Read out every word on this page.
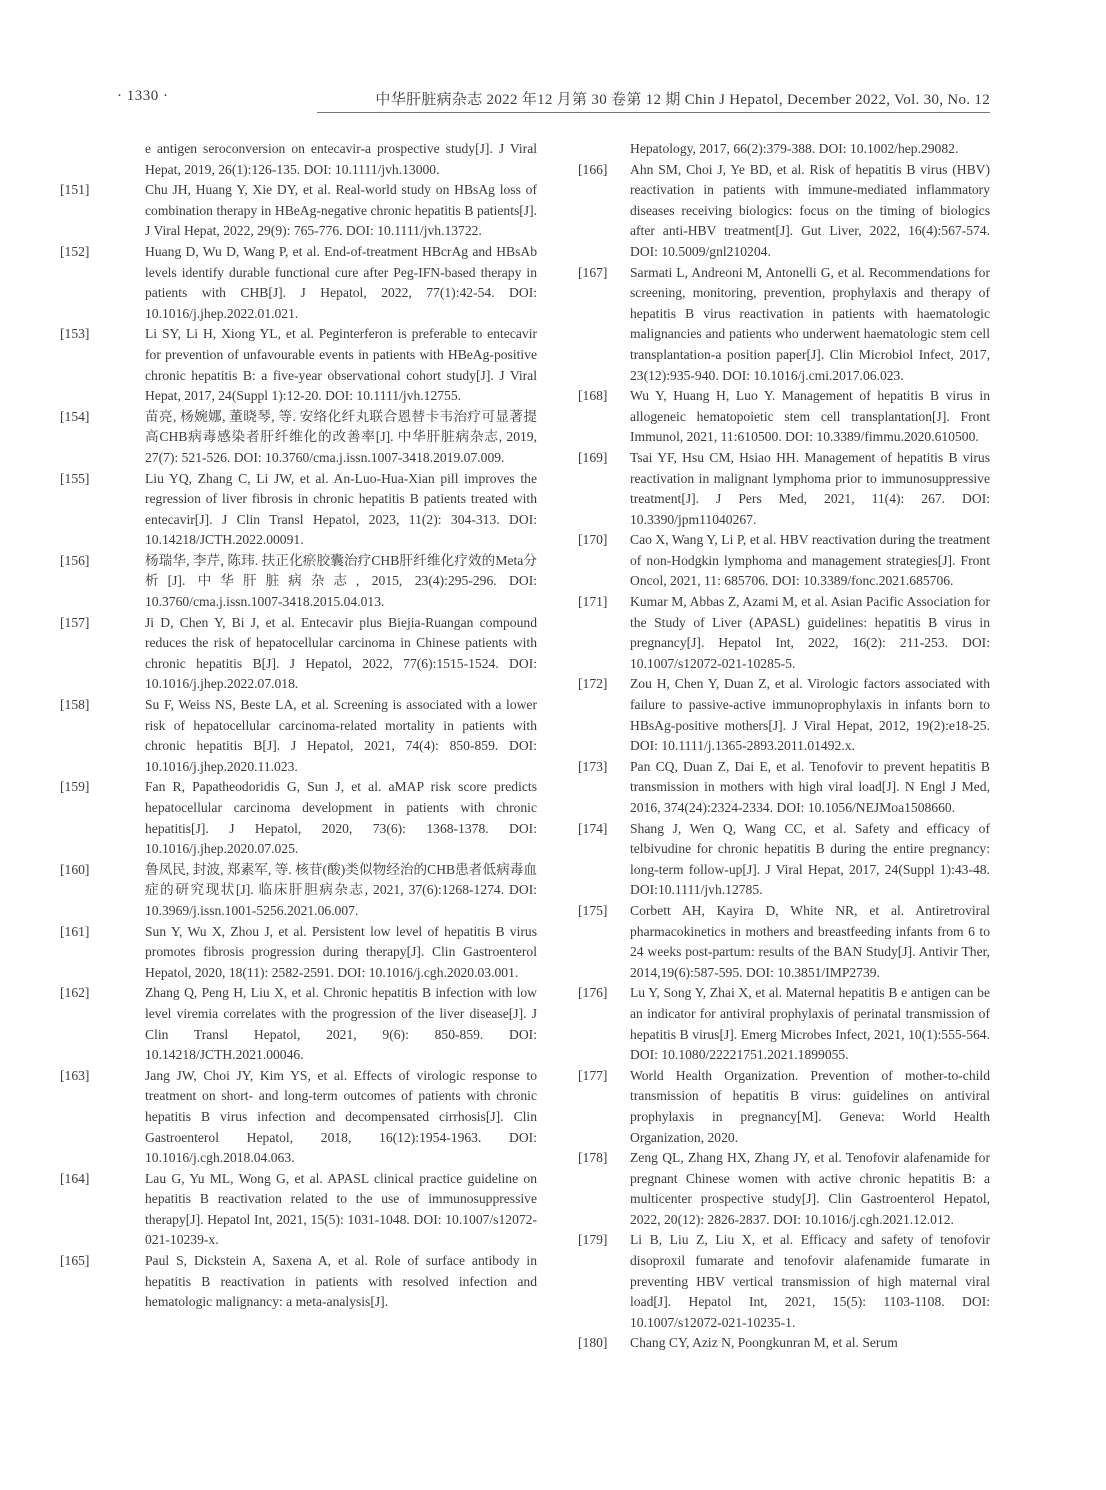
· 1330 ·	中华肝脏病杂志 2022 年12 月第 30 卷第 12 期 Chin J Hepatol, December 2022, Vol. 30, No. 12
e antigen seroconversion on entecavir-a prospective study[J]. J Viral Hepat, 2019, 26(1):126-135. DOI: 10.1111/jvh.13000.
[151]	Chu JH, Huang Y, Xie DY, et al. Real-world study on HBsAg loss of combination therapy in HBeAg-negative chronic hepatitis B patients[J]. J Viral Hepat, 2022, 29(9): 765-776. DOI: 10.1111/jvh.13722.
[152]	Huang D, Wu D, Wang P, et al. End-of-treatment HBcrAg and HBsAb levels identify durable functional cure after Peg-IFN-based therapy in patients with CHB[J]. J Hepatol, 2022, 77(1):42-54. DOI: 10.1016/j.jhep.2022.01.021.
[153]	Li SY, Li H, Xiong YL, et al. Peginterferon is preferable to entecavir for prevention of unfavourable events in patients with HBeAg-positive chronic hepatitis B: a five-year observational cohort study[J]. J Viral Hepat, 2017, 24(Suppl 1):12-20. DOI: 10.1111/jvh.12755.
[154]	苗亮, 杨婉娜, 董晓琴, 等. 安络化纤丸联合恩替卡韦治疗可显著提高CHB病毒感染者肝纤维化的改善率[J]. 中华肝脏病杂志, 2019, 27(7): 521-526. DOI: 10.3760/cma.j.issn.1007-3418.2019.07.009.
[155]	Liu YQ, Zhang C, Li JW, et al. An-Luo-Hua-Xian pill improves the regression of liver fibrosis in chronic hepatitis B patients treated with entecavir[J]. J Clin Transl Hepatol, 2023, 11(2): 304-313. DOI: 10.14218/JCTH.2022.00091.
[156]	杨瑞华, 李芹, 陈玮. 扶正化瘀胶囊治疗CHB肝纤维化疗效的Meta分析[J]. 中华肝脏病杂志, 2015, 23(4):295-296. DOI: 10.3760/cma.j.issn.1007-3418.2015.04.013.
[157]	Ji D, Chen Y, Bi J, et al. Entecavir plus Biejia-Ruangan compound reduces the risk of hepatocellular carcinoma in Chinese patients with chronic hepatitis B[J]. J Hepatol, 2022, 77(6):1515-1524. DOI: 10.1016/j.jhep.2022.07.018.
[158]	Su F, Weiss NS, Beste LA, et al. Screening is associated with a lower risk of hepatocellular carcinoma-related mortality in patients with chronic hepatitis B[J]. J Hepatol, 2021, 74(4): 850-859. DOI: 10.1016/j.jhep.2020.11.023.
[159]	Fan R, Papatheodoridis G, Sun J, et al. aMAP risk score predicts hepatocellular carcinoma development in patients with chronic hepatitis[J]. J Hepatol, 2020, 73(6): 1368-1378. DOI: 10.1016/j.jhep.2020.07.025.
[160]	鲁凤民, 封波, 郑素军, 等. 核苷(酸)类似物经治的CHB患者低病毒血症的研究现状[J]. 临床肝胆病杂志, 2021, 37(6):1268-1274. DOI: 10.3969/j.issn.1001-5256.2021.06.007.
[161]	Sun Y, Wu X, Zhou J, et al. Persistent low level of hepatitis B virus promotes fibrosis progression during therapy[J]. Clin Gastroenterol Hepatol, 2020, 18(11): 2582-2591. DOI: 10.1016/j.cgh.2020.03.001.
[162]	Zhang Q, Peng H, Liu X, et al. Chronic hepatitis B infection with low level viremia correlates with the progression of the liver disease[J]. J Clin Transl Hepatol, 2021, 9(6): 850-859. DOI: 10.14218/JCTH.2021.00046.
[163]	Jang JW, Choi JY, Kim YS, et al. Effects of virologic response to treatment on short- and long-term outcomes of patients with chronic hepatitis B virus infection and decompensated cirrhosis[J]. Clin Gastroenterol Hepatol, 2018, 16(12):1954-1963. DOI: 10.1016/j.cgh.2018.04.063.
[164]	Lau G, Yu ML, Wong G, et al. APASL clinical practice guideline on hepatitis B reactivation related to the use of immunosuppressive therapy[J]. Hepatol Int, 2021, 15(5): 1031-1048. DOI: 10.1007/s12072-021-10239-x.
[165]	Paul S, Dickstein A, Saxena A, et al. Role of surface antibody in hepatitis B reactivation in patients with resolved infection and hematologic malignancy: a meta-analysis[J].
Hepatology, 2017, 66(2):379-388. DOI: 10.1002/hep.29082.
[166] Ahn SM, Choi J, Ye BD, et al. Risk of hepatitis B virus (HBV) reactivation in patients with immune-mediated inflammatory diseases receiving biologics: focus on the timing of biologics after anti-HBV treatment[J]. Gut Liver, 2022, 16(4):567-574. DOI: 10.5009/gnl210204.
[167] Sarmati L, Andreoni M, Antonelli G, et al. Recommendations for screening, monitoring, prevention, prophylaxis and therapy of hepatitis B virus reactivation in patients with haematologic malignancies and patients who underwent haematologic stem cell transplantation-a position paper[J]. Clin Microbiol Infect, 2017, 23(12):935-940. DOI: 10.1016/j.cmi.2017.06.023.
[168] Wu Y, Huang H, Luo Y. Management of hepatitis B virus in allogeneic hematopoietic stem cell transplantation[J]. Front Immunol, 2021, 11:610500. DOI: 10.3389/fimmu.2020.610500.
[169] Tsai YF, Hsu CM, Hsiao HH. Management of hepatitis B virus reactivation in malignant lymphoma prior to immunosuppressive treatment[J]. J Pers Med, 2021, 11(4): 267. DOI: 10.3390/jpm11040267.
[170] Cao X, Wang Y, Li P, et al. HBV reactivation during the treatment of non-Hodgkin lymphoma and management strategies[J]. Front Oncol, 2021, 11: 685706. DOI: 10.3389/fonc.2021.685706.
[171] Kumar M, Abbas Z, Azami M, et al. Asian Pacific Association for the Study of Liver (APASL) guidelines: hepatitis B virus in pregnancy[J]. Hepatol Int, 2022, 16(2): 211-253. DOI: 10.1007/s12072-021-10285-5.
[172] Zou H, Chen Y, Duan Z, et al. Virologic factors associated with failure to passive-active immunoprophylaxis in infants born to HBsAg-positive mothers[J]. J Viral Hepat, 2012, 19(2):e18-25. DOI: 10.1111/j.1365-2893.2011.01492.x.
[173] Pan CQ, Duan Z, Dai E, et al. Tenofovir to prevent hepatitis B transmission in mothers with high viral load[J]. N Engl J Med, 2016, 374(24):2324-2334. DOI: 10.1056/NEJMoa1508660.
[174] Shang J, Wen Q, Wang CC, et al. Safety and efficacy of telbivudine for chronic hepatitis B during the entire pregnancy: long-term follow-up[J]. J Viral Hepat, 2017, 24(Suppl 1):43-48. DOI:10.1111/jvh.12785.
[175] Corbett AH, Kayira D, White NR, et al. Antiretroviral pharmacokinetics in mothers and breastfeeding infants from 6 to 24 weeks post-partum: results of the BAN Study[J]. Antivir Ther, 2014,19(6):587-595. DOI: 10.3851/IMP2739.
[176] Lu Y, Song Y, Zhai X, et al. Maternal hepatitis B e antigen can be an indicator for antiviral prophylaxis of perinatal transmission of hepatitis B virus[J]. Emerg Microbes Infect, 2021, 10(1):555-564. DOI: 10.1080/22221751.2021.1899055.
[177] World Health Organization. Prevention of mother-to-child transmission of hepatitis B virus: guidelines on antiviral prophylaxis in pregnancy[M]. Geneva: World Health Organization, 2020.
[178] Zeng QL, Zhang HX, Zhang JY, et al. Tenofovir alafenamide for pregnant Chinese women with active chronic hepatitis B: a multicenter prospective study[J]. Clin Gastroenterol Hepatol, 2022, 20(12): 2826-2837. DOI: 10.1016/j.cgh.2021.12.012.
[179] Li B, Liu Z, Liu X, et al. Efficacy and safety of tenofovir disoproxil fumarate and tenofovir alafenamide fumarate in preventing HBV vertical transmission of high maternal viral load[J]. Hepatol Int, 2021, 15(5): 1103-1108. DOI: 10.1007/s12072-021-10235-1.
[180] Chang CY, Aziz N, Poongkunran M, et al. Serum
